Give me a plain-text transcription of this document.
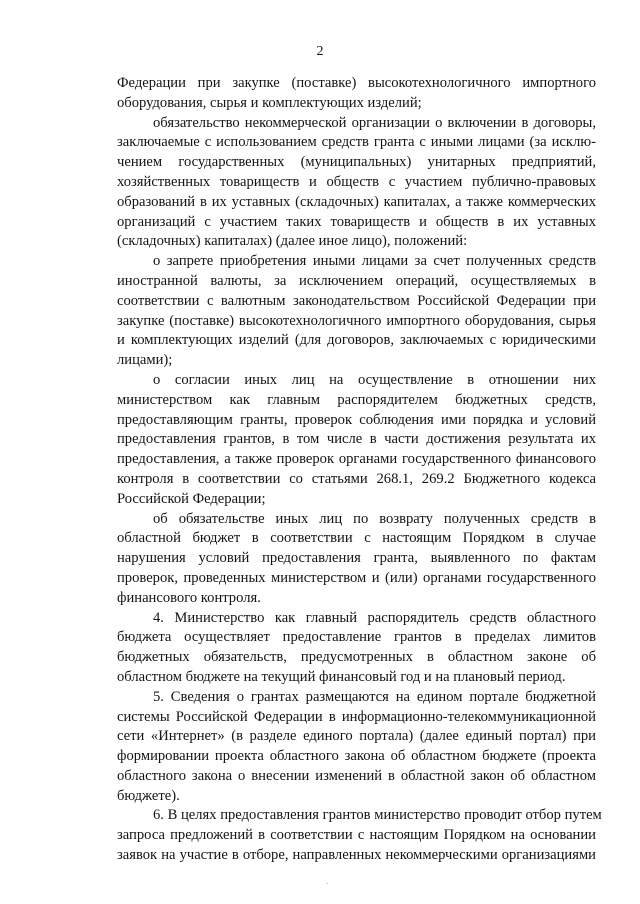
2
Федерации при закупке (поставке) высокотехнологичного импортного
оборудования, сырья и комплектующих изделий;
обязательство некоммерческой организации о включении в договоры,
заключаемые с использованием средств гранта с иными лицами (за исклю-
чением государственных (муниципальных) унитарных предприятий,
хозяйственных товариществ и обществ с участием публично-правовых
образований в их уставных (складочных) капиталах, а также коммерческих
организаций с участием таких товариществ и обществ в их уставных
(складочных) капиталах) (далее иное лицо), положений:
о запрете приобретения иными лицами за счет полученных средств
иностранной валюты, за исключением операций, осуществляемых в
соответствии с валютным законодательством Российской Федерации при
закупке (поставке) высокотехнологичного импортного оборудования, сырья
и комплектующих изделий (для договоров, заключаемых с юридическими
лицами);
о согласии иных лиц на осуществление в отношении них
министерством как главным распорядителем бюджетных средств,
предоставляющим гранты, проверок соблюдения ими порядка и условий
предоставления грантов, в том числе в части достижения результата их
предоставления, а также проверок органами государственного финансового
контроля в соответствии со статьями 268.1, 269.2 Бюджетного кодекса
Российской Федерации;
об обязательстве иных лиц по возврату полученных средств в
областной бюджет в соответствии с настоящим Порядком в случае
нарушения условий предоставления гранта, выявленного по фактам
проверок, проведенных министерством и (или) органами государственного
финансового контроля.
4. Министерство как главный распорядитель средств областного
бюджета осуществляет предоставление грантов в пределах лимитов
бюджетных обязательств, предусмотренных в областном законе об
областном бюджете на текущий финансовый год и на плановый период.
5. Сведения о грантах размещаются на едином портале бюджетной
системы Российской Федерации в информационно-телекоммуникационной
сети «Интернет» (в разделе единого портала) (далее единый портал) при
формировании проекта областного закона об областном бюджете (проекта
областного закона о внесении изменений в областной закон об областном
бюджете).
6. В целях предоставления грантов министерство проводит отбор путем
запроса предложений в соответствии с настоящим Порядком на основании
заявок на участие в отборе, направленных некоммерческими организациями
.
